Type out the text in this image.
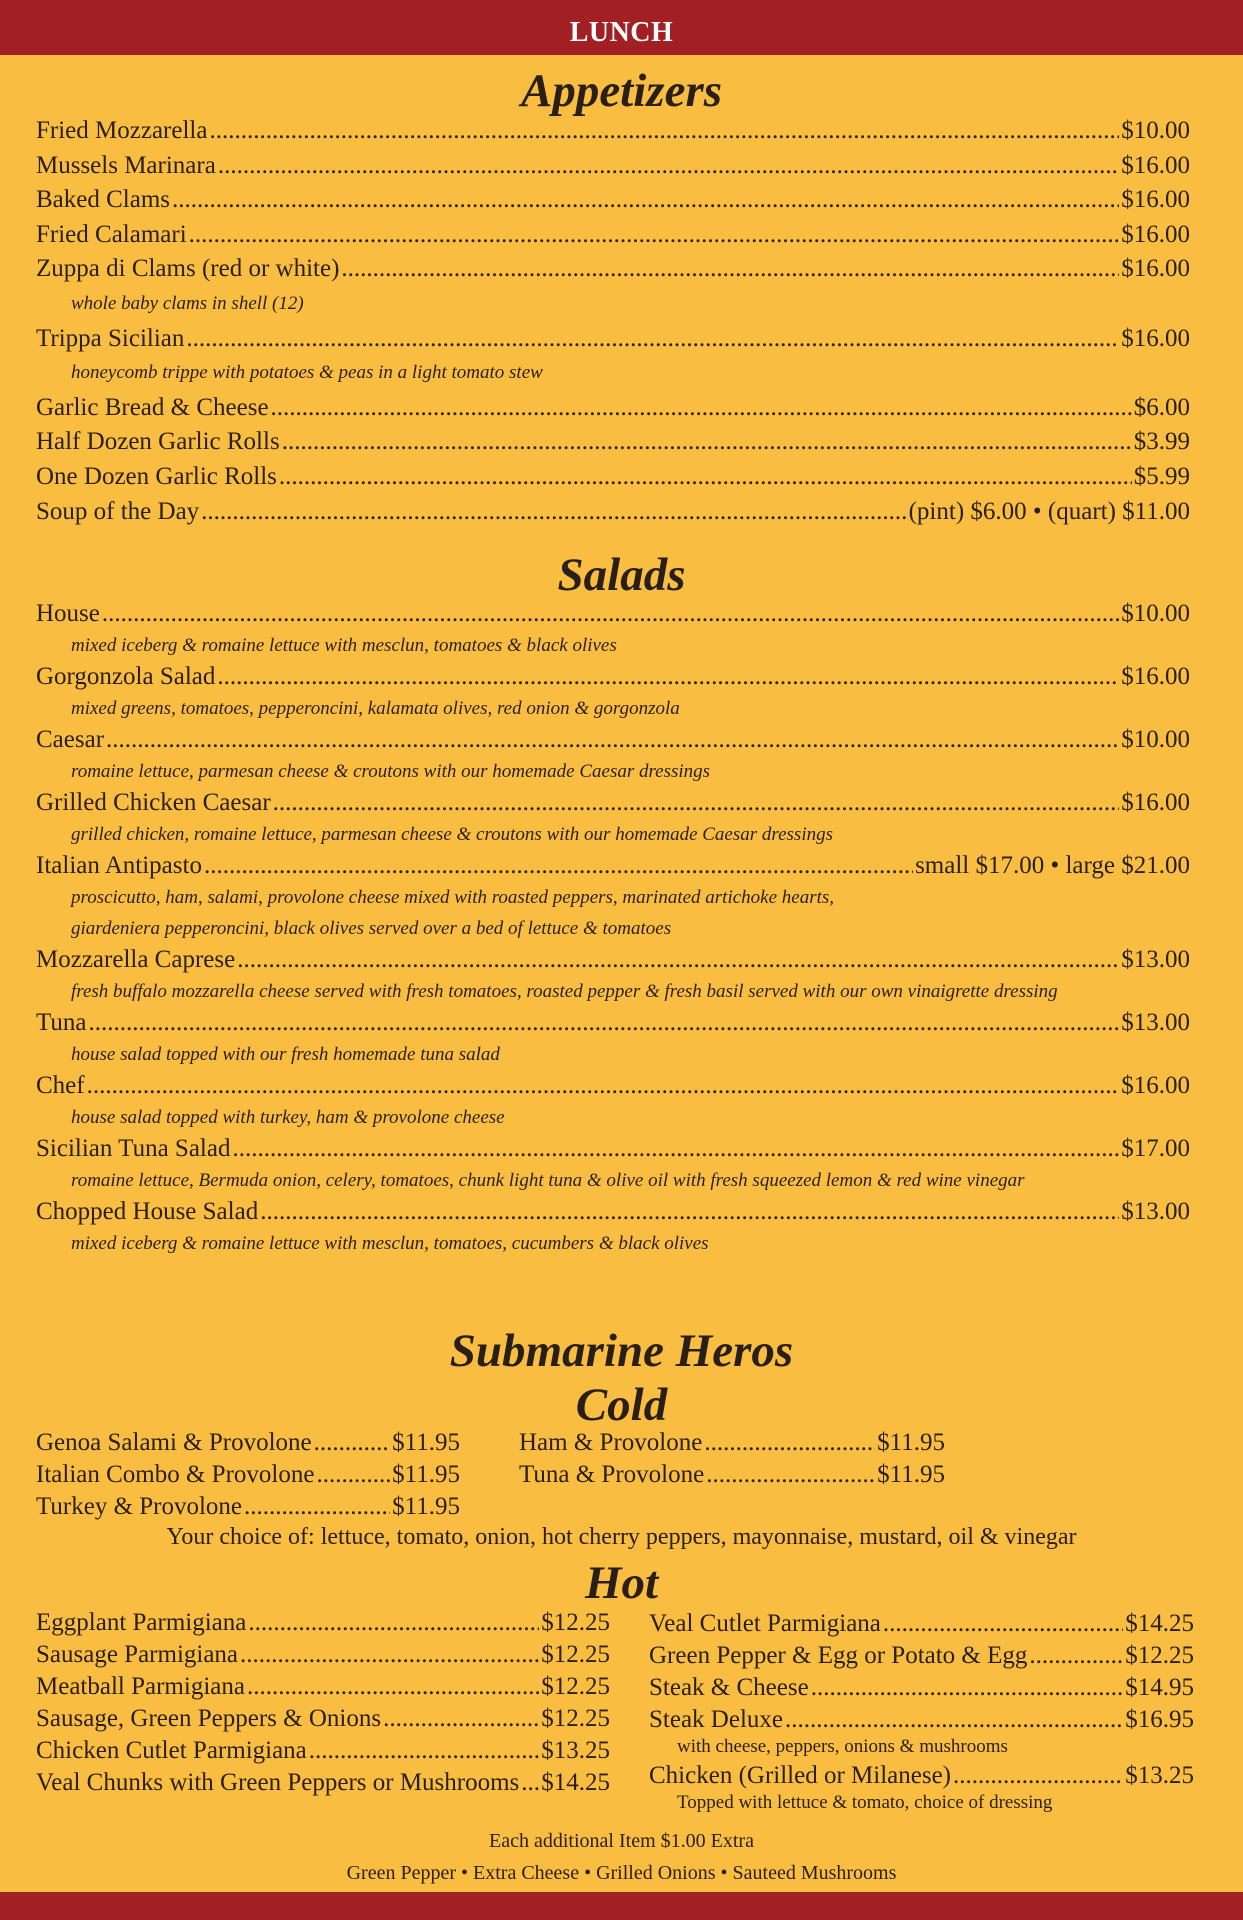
LUNCH
Appetizers
Fried Mozzarella .....	$10.00
Mussels Marinara .....	$16.00
Baked Clams .....	$16.00
Fried Calamari .....	$16.00
Zuppa di Clams (red or white) .....	$16.00
whole baby clams in shell (12)
Trippa Sicilian .....	$16.00
honeycomb trippe with potatoes & peas in a light tomato stew
Garlic Bread & Cheese .....	$6.00
Half Dozen Garlic Rolls .....	$3.99
One Dozen Garlic Rolls .....	$5.99
Soup of the Day .....	(pint) $6.00 • (quart) $11.00
Salads
House .....	$10.00
mixed iceberg & romaine lettuce with mesclun, tomatoes & black olives
Gorgonzola Salad .....	$16.00
mixed greens, tomatoes, pepperoncini, kalamata olives, red onion & gorgonzola
Caesar .....	$10.00
romaine lettuce, parmesan cheese & croutons with our homemade Caesar dressings
Grilled Chicken Caesar .....	$16.00
grilled chicken, romaine lettuce, parmesan cheese & croutons with our homemade Caesar dressings
Italian Antipasto .....	small $17.00 • large $21.00
proscicutto, ham, salami, provolone cheese mixed with roasted peppers, marinated artichoke hearts,
giardeniera pepperoncini, black olives served over a bed of lettuce & tomatoes
Mozzarella Caprese .....	$13.00
fresh buffalo mozzarella cheese served with fresh tomatoes, roasted pepper & fresh basil served with our own vinaigrette dressing
Tuna .....	$13.00
house salad topped with our fresh homemade tuna salad
Chef .....	$16.00
house salad topped with turkey, ham & provolone cheese
Sicilian Tuna Salad .....	$17.00
romaine lettuce, Bermuda onion, celery, tomatoes, chunk light tuna & olive oil with fresh squeezed lemon & red wine vinegar
Chopped House Salad .....	$13.00
mixed iceberg & romaine lettuce with mesclun, tomatoes, cucumbers & black olives
Submarine Heros
Cold
Genoa Salami & Provolone .....	$11.95
Italian Combo & Provolone .....	$11.95
Turkey & Provolone .....	$11.95
Ham & Provolone .....	$11.95
Tuna & Provolone .....	$11.95
Your choice of: lettuce, tomato, onion, hot cherry peppers, mayonnaise, mustard, oil & vinegar
Hot
Eggplant Parmigiana .....	$12.25
Sausage Parmigiana .....	$12.25
Meatball Parmigiana .....	$12.25
Sausage, Green Peppers & Onions .....	$12.25
Chicken Cutlet Parmigiana .....	$13.25
Veal Chunks with Green Peppers or Mushrooms ..... $14.25
Veal Cutlet Parmigiana .....	$14.25
Green Pepper & Egg or Potato & Egg .....	$12.25
Steak & Cheese .....	$14.95
Steak Deluxe .....	$16.95
with cheese, peppers, onions & mushrooms
Chicken (Grilled or Milanese) .....	$13.25
Topped with lettuce & tomato, choice of dressing
Each additional Item $1.00 Extra
Green Pepper • Extra Cheese • Grilled Onions • Sauteed Mushrooms
